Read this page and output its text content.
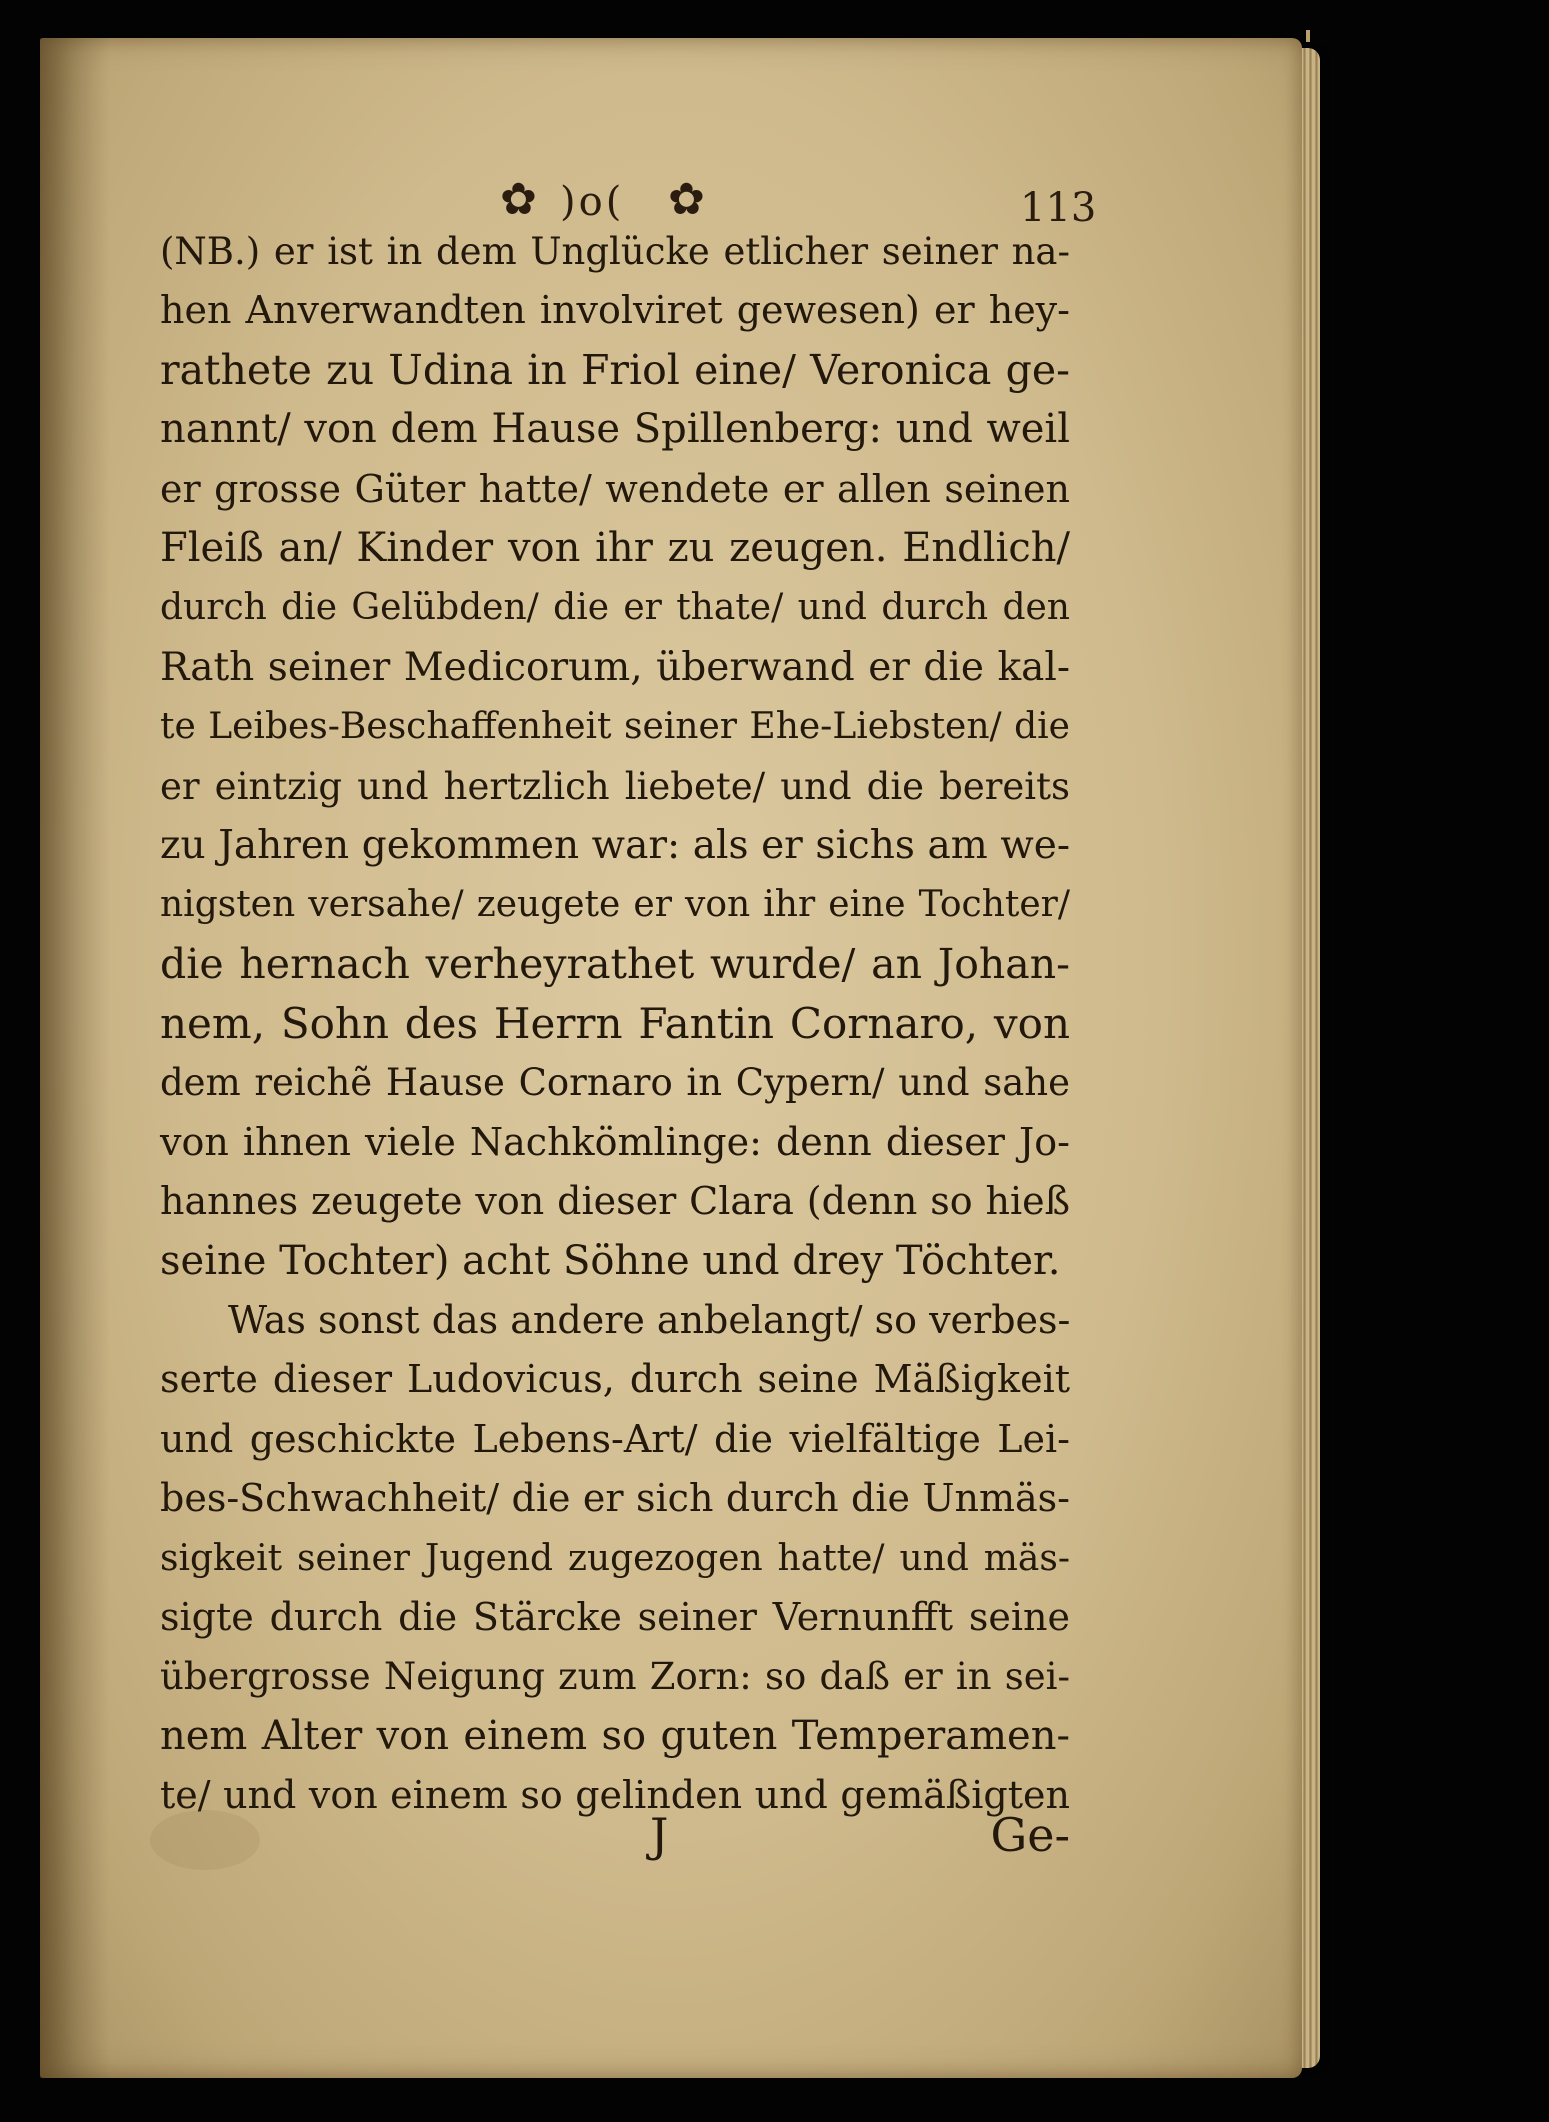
✿ )o( ✿	113
(NB.) er ist in dem Unglücke etlicher seiner na-
hen Anverwandten involviret gewesen) er hey-
rathete zu Udina in Friol eine/ Veronica ge-
nannt/ von dem Hause Spillenberg: und weil
er grosse Güter hatte/ wendete er allen seinen
Fleiß an/ Kinder von ihr zu zeugen. Endlich/
durch die Gelübden/ die er thate/ und durch den
Rath seiner Medicorum, überwand er die kal-
te Leibes-Beschaffenheit seiner Ehe-Liebsten/ die
er eintzig und hertzlich liebete/ und die bereits
zu Jahren gekommen war: als er sichs am we-
nigsten versahe/ zeugete er von ihr eine Tochter/
die hernach verheyrathet wurde/ an Johan-
nem, Sohn des Herrn Fantin Cornaro, von
dem reichẽ Hause Cornaro in Cypern/ und sahe
von ihnen viele Nachkömlinge: denn dieser Jo-
hannes zeugete von dieser Clara (denn so hieß
seine Tochter) acht Söhne und drey Töchter.
Was sonst das andere anbelangt/ so verbes-
serte dieser Ludovicus, durch seine Mäßigkeit
und geschickte Lebens-Art/ die vielfältige Lei-
bes-Schwachheit/ die er sich durch die Unmäs-
sigkeit seiner Jugend zugezogen hatte/ und mäs-
sigte durch die Stärcke seiner Vernunfft seine
übergrosse Neigung zum Zorn: so daß er in sei-
nem Alter von einem so guten Temperamen-
te/ und von einem so gelinden und gemäßigten
J	Ge-
